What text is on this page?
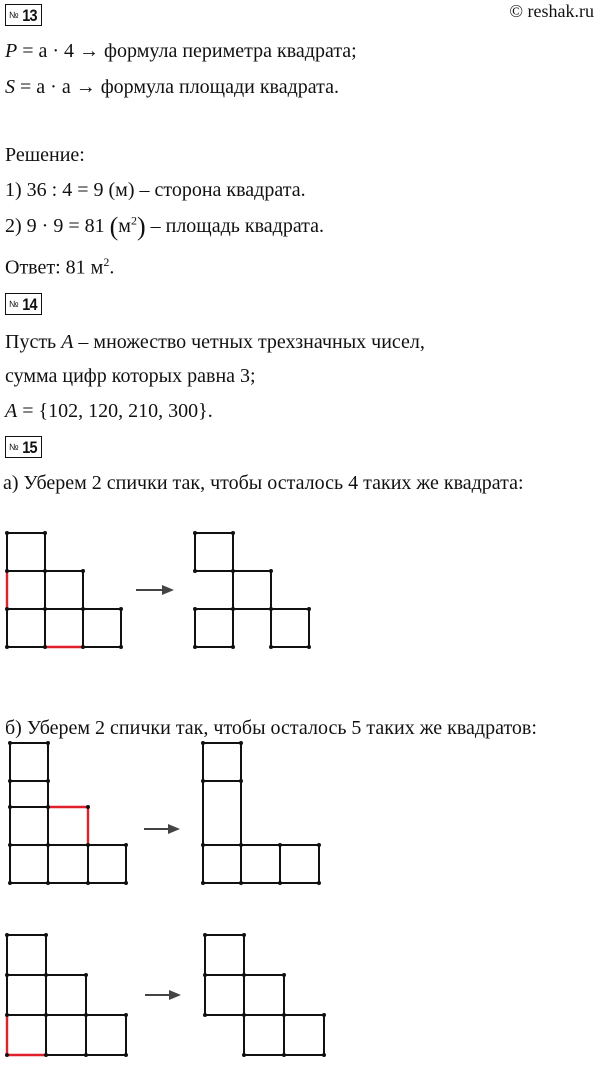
№ 13	© reshak.ru
P = a · 4 → формула периметра квадрата;
S = a · a → формула площади квадрата.
Решение:
1) 36 : 4 = 9 (м) – сторона квадрата.
2) 9 · 9 = 81 $(м^2)$ – площадь квадрата.
Ответ: 81 $м^2$.
№ 14
Пусть A – множество четных трехзначных чисел,
сумма цифр которых равна 3;
A = {102, 120, 210, 300}.
№ 15
а) Уберем 2 спички так, чтобы осталось 4 таких же квадрата:
б) Уберем 2 спички так, чтобы осталось 5 таких же квадратов:
